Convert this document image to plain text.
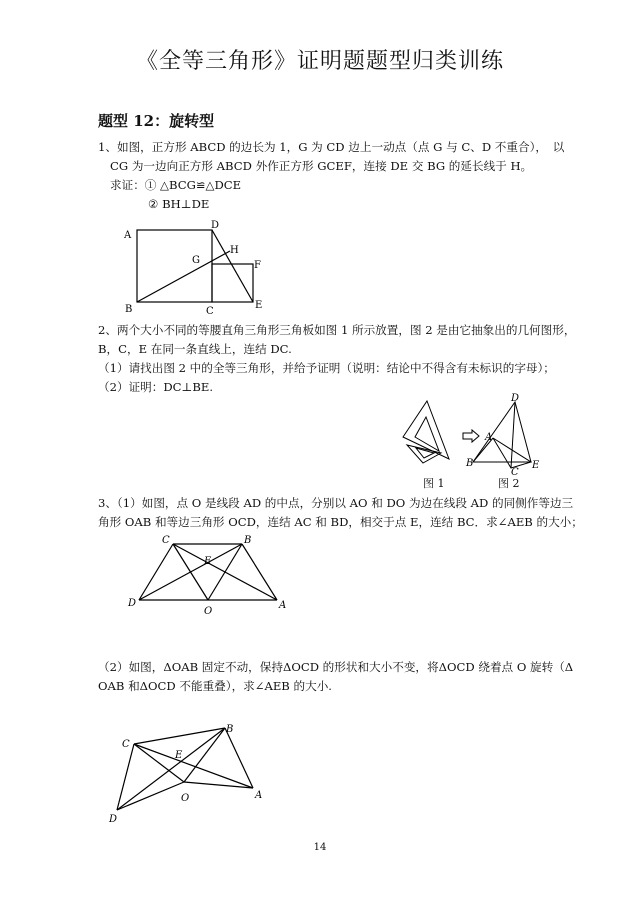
《全等三角形》证明题题型归类训练
题型 12：旋转型
1、如图，正方形 ABCD 的边长为 1，G 为 CD 边上一动点（点 G 与 C、D 不重合），　以
CG 为一边向正方形 ABCD 外作正方形 GCEF，连接 DE 交 BG 的延长线于 H。
求证：① △BCG≌△DCE
② BH⊥DE
A
D
H
G	F
B	C
E
2、两个大小不同的等腰直角三角形三角板如图 1 所示放置，图 2 是由它抽象出的几何图形，
B，C，E 在同一条直线上，连结 DC.
（1）请找出图 2 中的全等三角形，并给予证明（说明：结论中不得含有未标识的字母）；
（2）证明：DC⊥BE.
图 1
D
A
B
C
E
图 2
3、（1）如图，点 O 是线段 AD 的中点，分别以 AO 和 DO 为边在线段 AD 的同侧作等边三
角形 OAB 和等边三角形 OCD，连结 AC 和 BD，相交于点 E，连结 BC．求∠AEB 的大小；
C	B
E
D
O
A
（2）如图，ΔOAB 固定不动，保持ΔOCD 的形状和大小不变，将ΔOCD 绕着点 O 旋转（Δ
OAB 和ΔOCD 不能重叠），求∠AEB 的大小.
C
B
E
D
O	A
14
